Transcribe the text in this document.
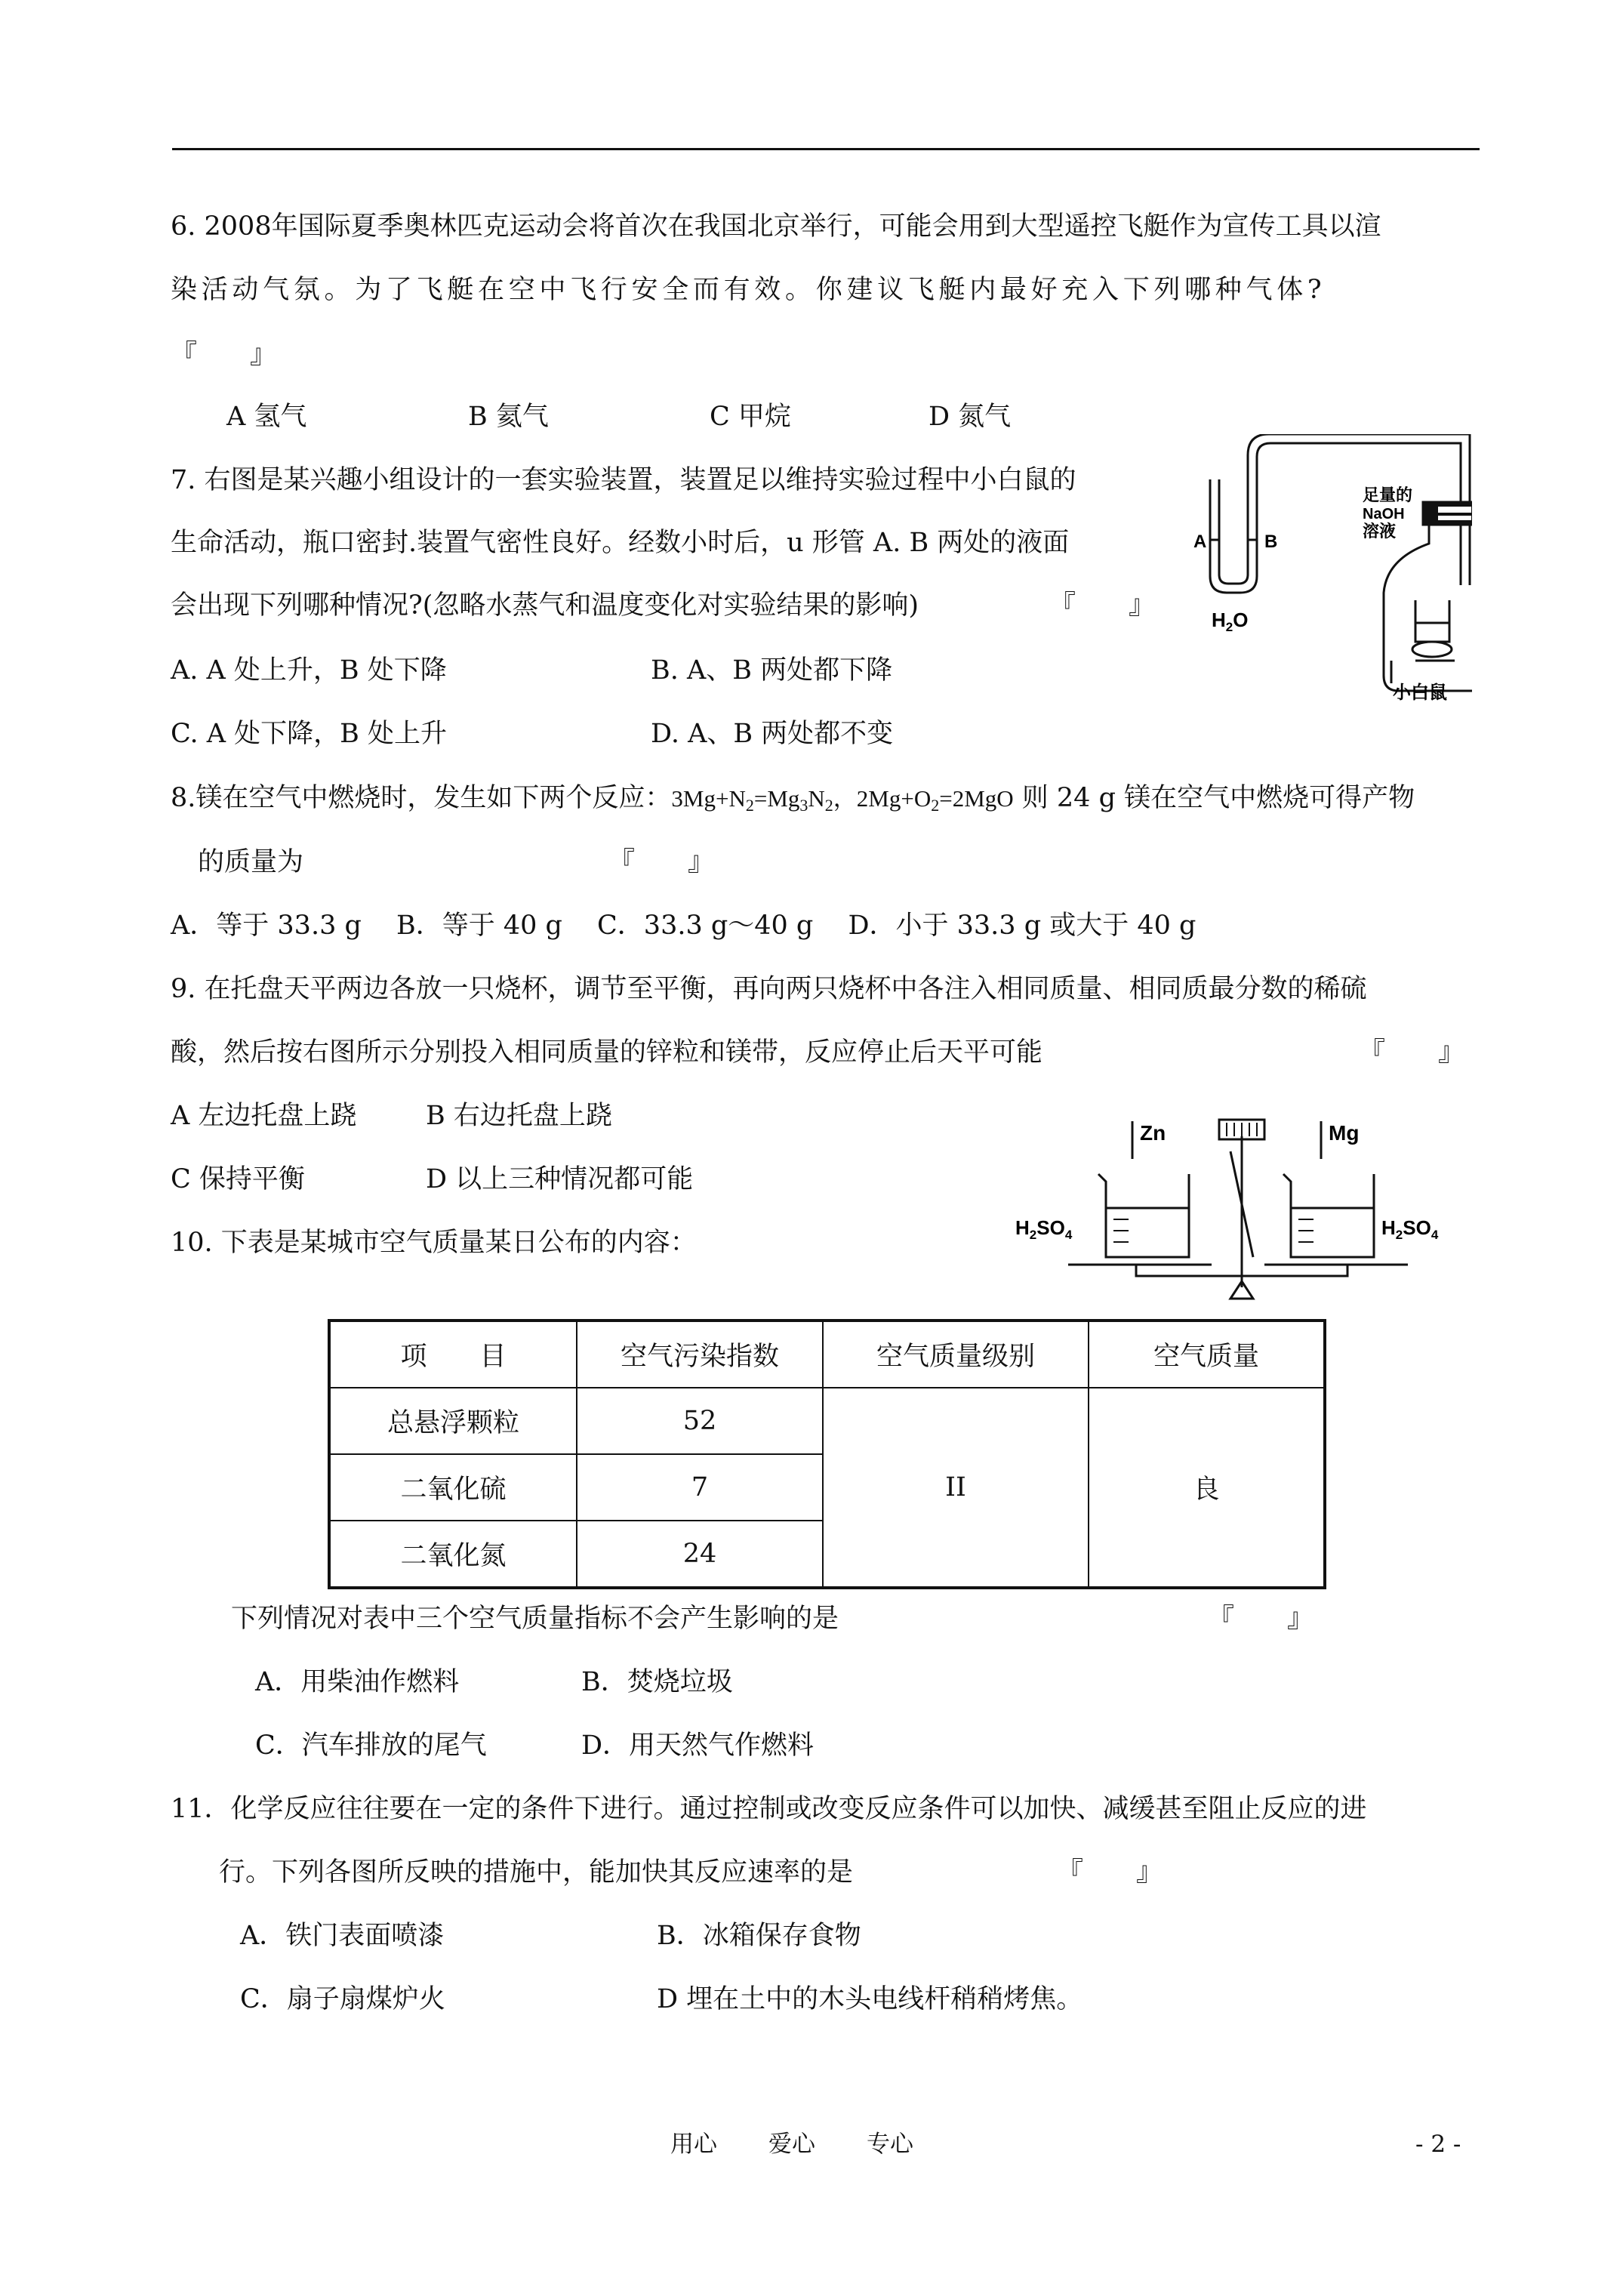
6. 2008年国际夏季奥林匹克运动会将首次在我国北京举行，可能会用到大型遥控飞艇作为宣传工具以渲
染活动气氛。为了飞艇在空中飞行安全而有效。你建议飞艇内最好充入下列哪种气体?
『　　』
A 氢气	B 氦气	C 甲烷	D 氮气
7. 右图是某兴趣小组设计的一套实验装置，装置足以维持实验过程中小白鼠的
生命活动，瓶口密封.装置气密性良好。经数小时后，u 形管 A. B 两处的液面
会出现下列哪种情况?(忽略水蒸气和温度变化对实验结果的影响)	『　　』
A. A 处上升，B 处下降	B. A、B 两处都下降
C. A 处下降，B 处上升	D. A、B 两处都不变
A	B
$H_2O$
足量的
NaOH
溶液
小白鼠
8.镁在空气中燃烧时，发生如下两个反应：$3Mg+N_2=Mg_3N_2$，$2Mg+O_2=2MgO$ 则 24 g 镁在空气中燃烧可得产物
的质量为	『　　』
A．等于 33.3 g　 B．等于 40 g　 C．33.3 g～40 g　 D．小于 33.3 g 或大于 40 g
9. 在托盘天平两边各放一只烧杯，调节至平衡，再向两只烧杯中各注入相同质量、相同质最分数的稀硫
酸，然后按右图所示分别投入相同质量的锌粒和镁带，反应停止后天平可能	『　　』
A 左边托盘上跷	B 右边托盘上跷
C 保持平衡	D 以上三种情况都可能
Zn	Mg
$H_2SO_4$	$H_2SO_4$
10. 下表是某城市空气质量某日公布的内容：
项　　目	空气污染指数	空气质量级别	空气质量
总悬浮颗粒	52	II	良
二氧化硫	7		
二氧化氮	24		
下列情况对表中三个空气质量指标不会产生影响的是	『　　』
A．用柴油作燃料	B．焚烧垃圾
C．汽车排放的尾气	D．用天然气作燃料
11．化学反应往往要在一定的条件下进行。通过控制或改变反应条件可以加快、减缓甚至阻止反应的进
行。下列各图所反映的措施中，能加快其反应速率的是	『　　』
A．铁门表面喷漆	B．冰箱保存食物
C．扇子扇煤炉火	D 埋在土中的木头电线杆稍稍烤焦。
用心 爱心 专心	- 2 -
